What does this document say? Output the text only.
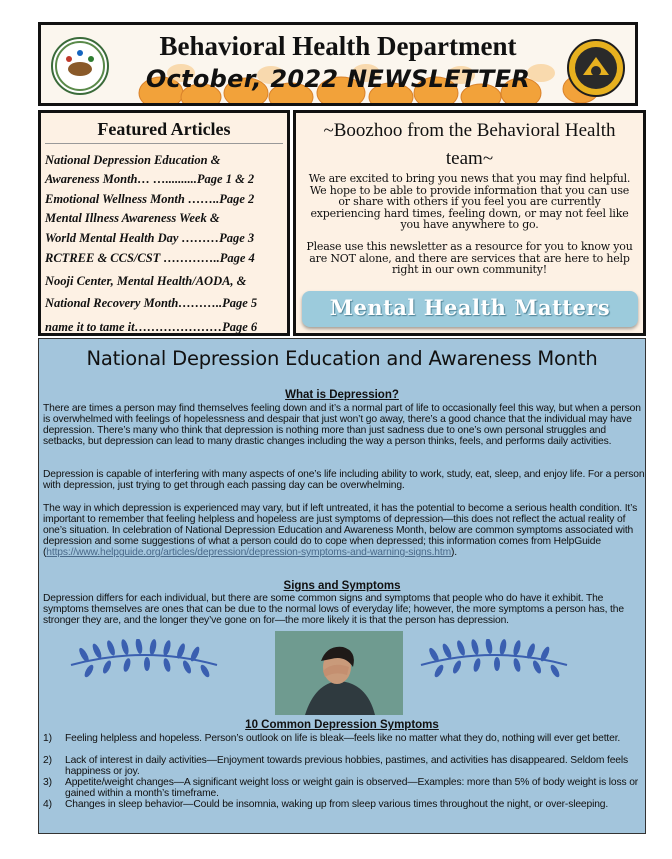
Behavioral Health Department
October, 2022 NEWSLETTER
Featured Articles
National Depression Education &
Awareness Month… …..........Page 1 & 2
Emotional Wellness Month ……..Page 2
Mental Illness Awareness Week &
World Mental Health Day ………Page 3
RCTREE & CCS/CST …………..Page 4
Nooji Center, Mental Health/AODA, &
National Recovery Month………..Page 5
name it to tame it…………………Page 6
~Boozhoo from the Behavioral Health team~
We are excited to bring you news that you may find helpful. We hope to be able to provide information that you can use or share with others if you feel you are currently experiencing hard times, feeling down, or may not feel like you have anywhere to go.
Please use this newsletter as a resource for you to know you are NOT alone, and there are services that are here to help right in our own community!
Mental Health Matters
National Depression Education and Awareness Month
What is Depression?
There are times a person may find themselves feeling down and it’s a normal part of life to occasionally feel this way, but when a person is overwhelmed with feelings of hopelessness and despair that just won’t go away, there’s a good chance that the individual may have depression. There’s many who think that depression is nothing more than just sadness due to one’s own personal struggles and setbacks, but depression can lead to many drastic changes including the way a person thinks, feels, and performs daily activities.
Depression is capable of interfering with many aspects of one’s life including ability to work, study, eat, sleep, and enjoy life. For a person with depression, just trying to get through each passing day can be overwhelming.
The way in which depression is experienced may vary, but if left untreated, it has the potential to become a serious health condition. It’s important to remember that feeling helpless and hopeless are just symptoms of depression—this does not reflect the actual reality of one’s situation. In celebration of National Depression Education and Awareness Month, below are common symptoms associated with depression and some suggestions of what a person could do to cope when depressed; this information comes from HelpGuide (https://www.helpguide.org/articles/depression/depression-symptoms-and-warning-signs.htm).
Signs and Symptoms
Depression differs for each individual, but there are some common signs and symptoms that people who do have it exhibit. The symptoms themselves are ones that can be due to the normal lows of everyday life; however, the more symptoms a person has, the stronger they are, and the longer they’ve gone on for—the more likely it is that the person has depression.
10 Common Depression Symptoms
1) Feeling helpless and hopeless. Person’s outlook on life is bleak—feels like no matter what they do, nothing will ever get better.
2) Lack of interest in daily activities—Enjoyment towards previous hobbies, pastimes, and activities has disappeared. Seldom feels happiness or joy.
3) Appetite/weight changes—A significant weight loss or weight gain is observed—Examples: more than 5% of body weight is loss or gained within a month’s timeframe.
4) Changes in sleep behavior—Could be insomnia, waking up from sleep various times throughout the night, or over-sleeping.
